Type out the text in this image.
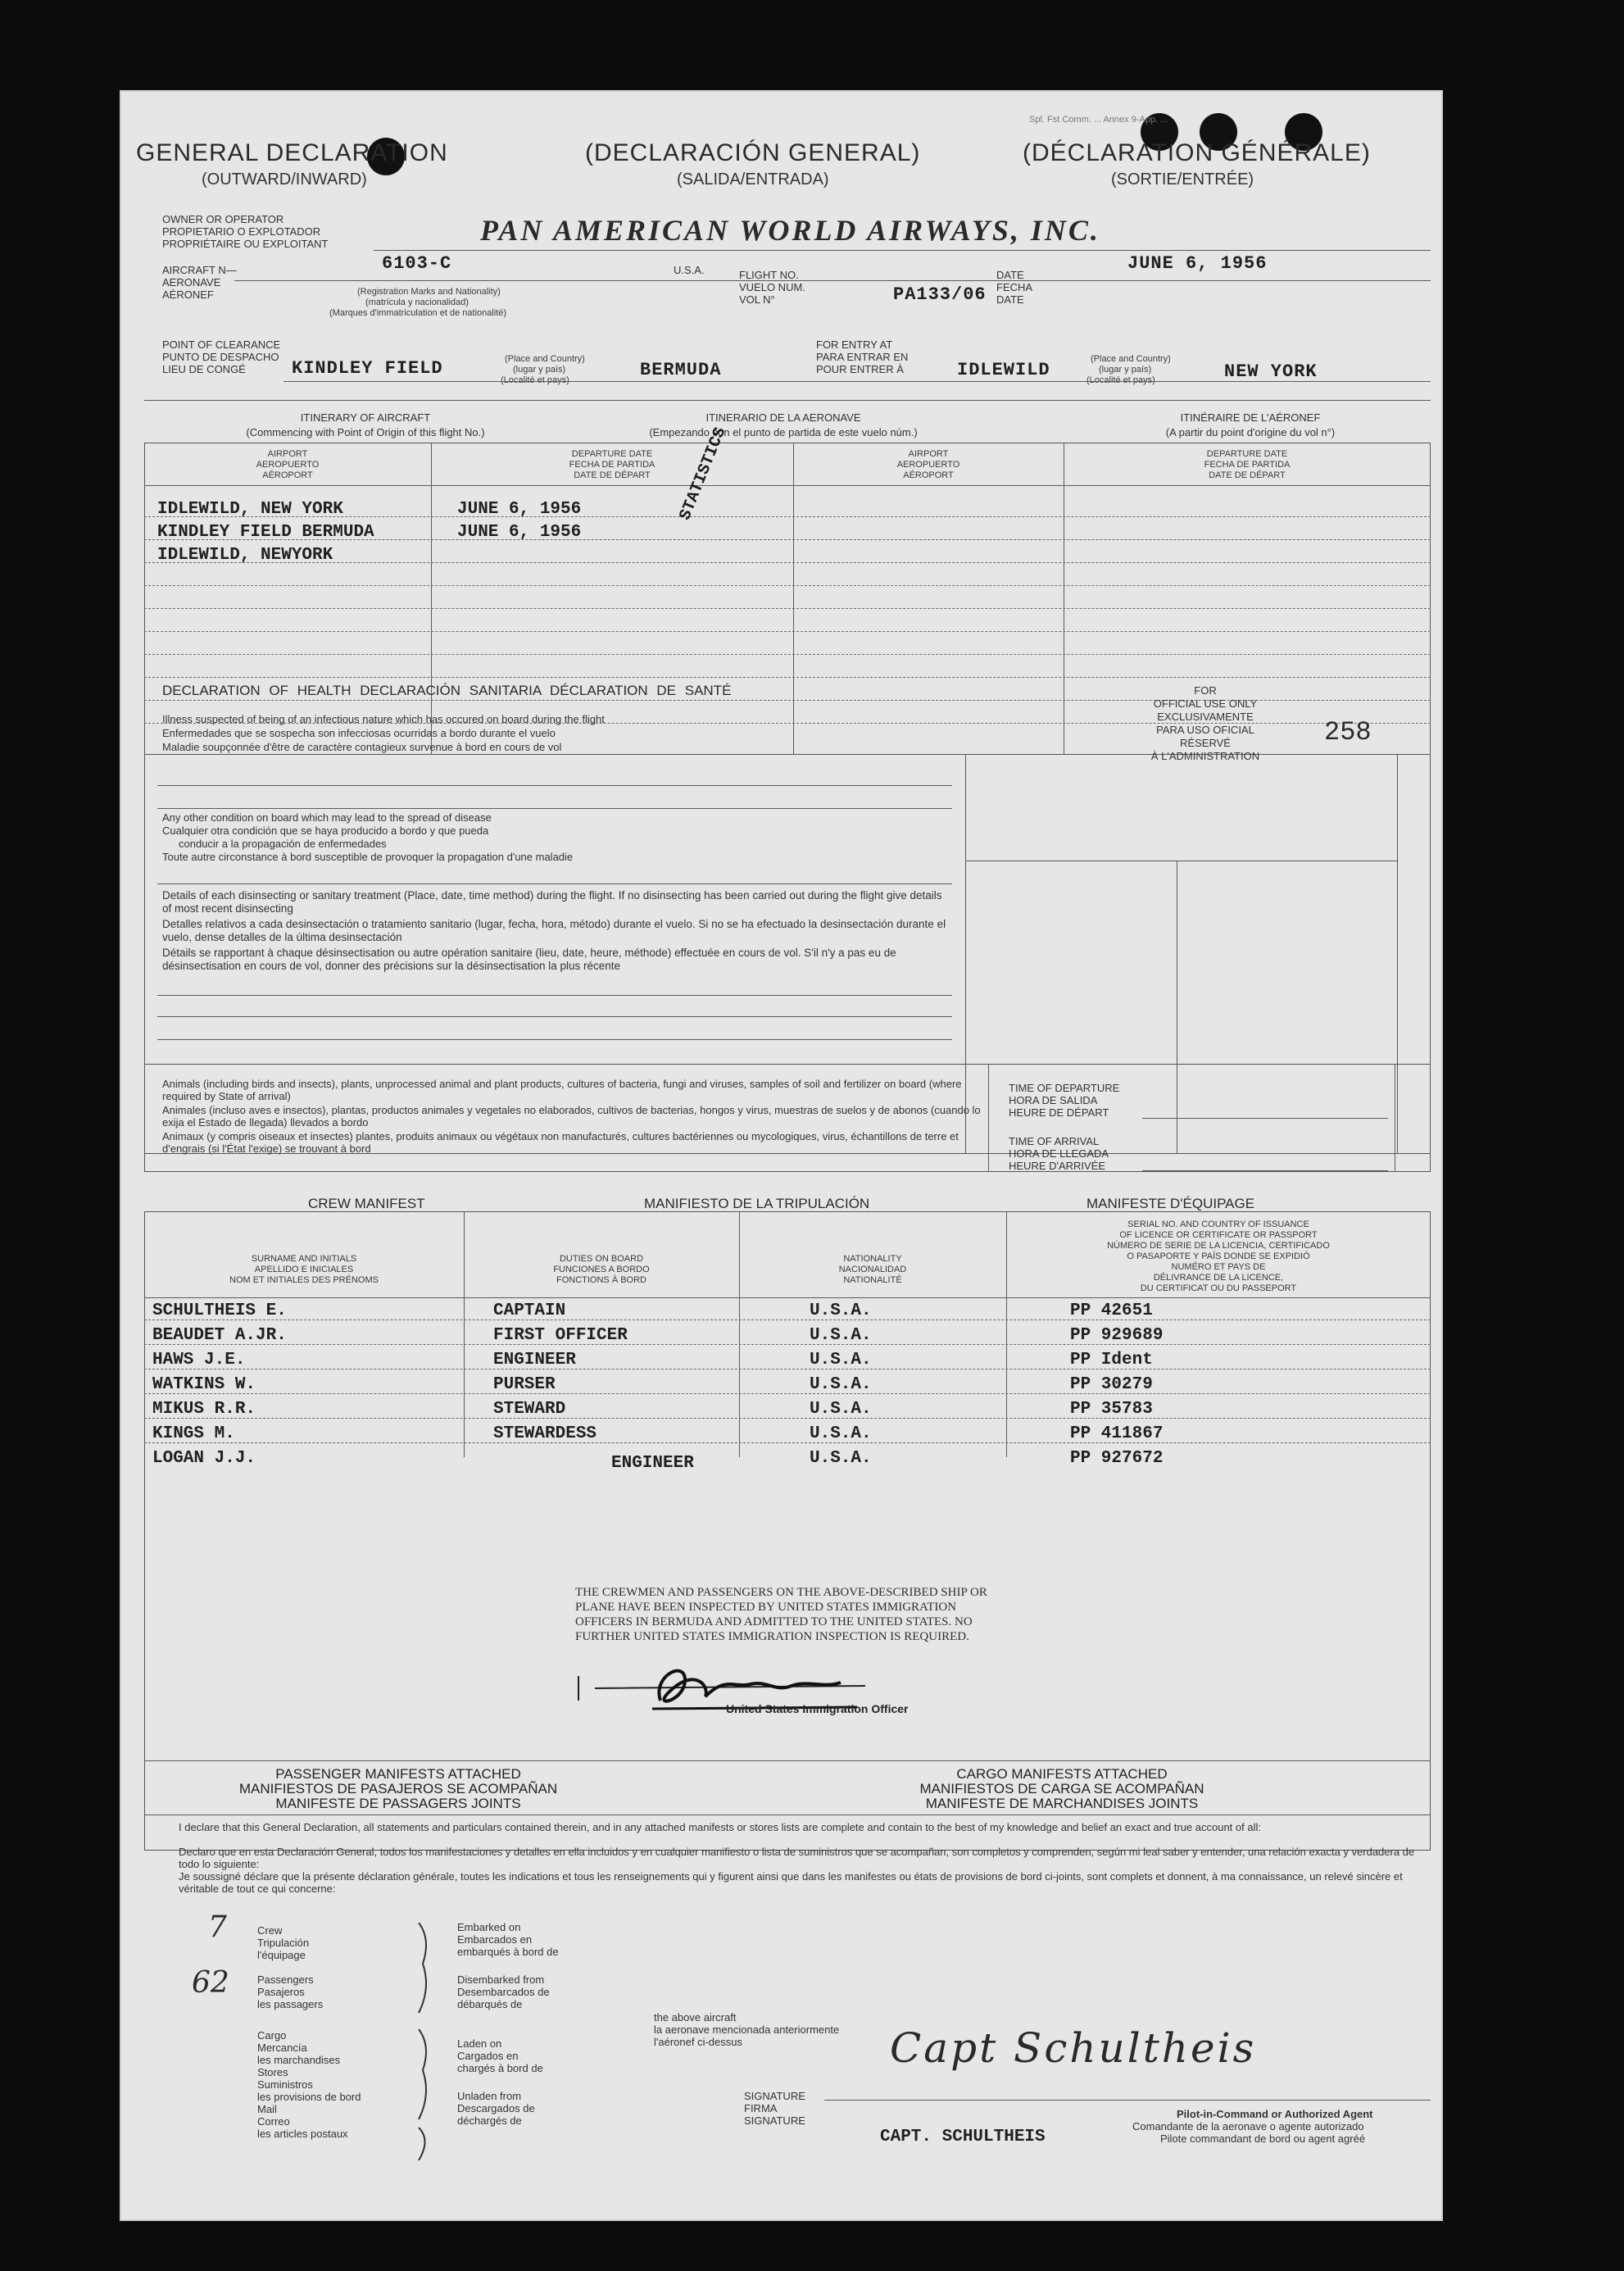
Spl. Fst Comm. ... Annex 9-App. ...
GENERAL DECLARATION
(OUTWARD/INWARD)
(DECLARACIÓN GENERAL)
(SALIDA/ENTRADA)
(DÉCLARATION GÉNÉRALE)
(SORTIE/ENTRÉE)
OWNER OR OPERATOR
PROPIETARIO O EXPLOTADOR
PROPRIÉTAIRE OU EXPLOITANT	PAN AMERICAN WORLD AIRWAYS, INC.
AIRCRAFT N—
AERONAVE
AÉRONEF
6103-C
(Registration Marks and Nationality)
(matrícula y nacionalidad)
(Marques d'immatriculation et de nationalité)
U.S.A.	FLIGHT NO.
VUELO NUM.
VOL N°	PA133/06
DATE
FECHA
DATE
JUNE 6, 1956
POINT OF CLEARANCE
PUNTO DE DESPACHO
LIEU DE CONGÉ	KINDLEY FIELD	(Place and Country)
(lugar y país)
(Localité et pays)	BERMUDA
FOR ENTRY AT
PARA ENTRAR EN
POUR ENTRER À	IDLEWILD
(Place and Country)
(lugar y país)
(Localité et pays)	NEW YORK
ITINERARY OF AIRCRAFT
(Commencing with Point of Origin of this flight No.)
ITINERARIO DE LA AERONAVE
(Empezando con el punto de partida de este vuelo núm.)
ITINÉRAIRE DE L'AÉRONEF
(A partir du point d'origine du vol n°)
AIRPORT
AEROPUERTO
AÉROPORT
DEPARTURE DATE
FECHA DE PARTIDA
DATE DE DÉPART
AIRPORT
AEROPUERTO
AÉROPORT
DEPARTURE DATE
FECHA DE PARTIDA
DATE DE DÉPART
IDLEWILD, NEW YORK	JUNE 6, 1956
KINDLEY FIELD BERMUDA	JUNE 6, 1956
IDLEWILD, NEWYORK
STATISTICS
DECLARATION OF HEALTH DECLARACIÓN SANITARIA DÉCLARATION DE SANTÉ
Illness suspected of being of an infectious nature which has occured on board during the flight
Enfermedades que se sospecha son infecciosas ocurridas a bordo durante el vuelo
Maladie soupçonnée d'être de caractère contagieux survenue à bord en cours de vol
Any other condition on board which may lead to the spread of disease
Cualquier otra condición que se haya producido a bordo y que pueda
conducir a la propagación de enfermedades
Toute autre circonstance à bord susceptible de provoquer la propagation d'une maladie
Details of each disinsecting or sanitary treatment (Place, date, time method) during the flight. If no disinsecting has been carried out during the flight give details of most recent disinsecting
Detalles relativos a cada desinsectación o tratamiento sanitario (lugar, fecha, hora, método) durante el vuelo. Si no se ha efectuado la desinsectación durante el vuelo, dense detalles de la última desinsectación
Détails se rapportant à chaque désinsectisation ou autre opération sanitaire (lieu, date, heure, méthode) effectuée en cours de vol. S'il n'y a pas eu de désinsectisation en cours de vol, donner des précisions sur la désinsectisation la plus récente
FOR
OFFICIAL USE ONLY
EXCLUSIVAMENTE
PARA USO OFICIAL
RÉSERVÉ
À L'ADMINISTRATION
258
Animals (including birds and insects), plants, unprocessed animal and plant products, cultures of bacteria, fungi and viruses, samples of soil and fertilizer on board (where required by State of arrival)
Animales (incluso aves e insectos), plantas, productos animales y vegetales no elaborados, cultivos de bacterias, hongos y virus, muestras de suelos y de abonos (cuando lo exija el Estado de llegada) llevados a bordo
Animaux (y compris oiseaux et insectes) plantes, produits animaux ou végétaux non manufacturés, cultures bactériennes ou mycologiques, virus, échantillons de terre et d'engrais (si l'État l'exige) se trouvant à bord
TIME OF DEPARTURE
HORA DE SALIDA
HEURE DE DÉPART
TIME OF ARRIVAL
HORA DE LLEGADA
HEURE D'ARRIVÉE
CREW MANIFEST	MANIFIESTO DE LA TRIPULACIÓN	MANIFESTE D'ÉQUIPAGE
SURNAME AND INITIALS
APELLIDO E INICIALES
NOM ET INITIALES DES PRÉNOMS
DUTIES ON BOARD
FUNCIONES A BORDO
FONCTIONS À BORD
NATIONALITY
NACIONALIDAD
NATIONALITÉ
SERIAL NO. AND COUNTRY OF ISSUANCE
OF LICENCE OR CERTIFICATE OR PASSPORT
NÚMERO DE SERIE DE LA LICENCIA, CERTIFICADO
O PASAPORTE Y PAÍS DONDE SE EXPIDIÓ
NUMÉRO ET PAYS DE
DÉLIVRANCE DE LA LICENCE,
DU CERTIFICAT OU DU PASSEPORT
SCHULTHEIS E.	CAPTAIN	U.S.A.	PP 42651
BEAUDET A.JR.	FIRST OFFICER	U.S.A.	PP 929689
HAWS J.E.	ENGINEER	U.S.A.	PP Ident
WATKINS W.	PURSER	U.S.A.	PP 30279
MIKUS R.R.	STEWARD	U.S.A.	PP 35783
KINGS M.	STEWARDESS	U.S.A.	PP 411867
LOGAN J.J.	ENGINEER	U.S.A.	PP 927672
THE CREWMEN AND PASSENGERS ON THE ABOVE-DESCRIBED SHIP OR
PLANE HAVE BEEN INSPECTED BY UNITED STATES IMMIGRATION
OFFICERS IN BERMUDA AND ADMITTED TO THE UNITED STATES. NO
FURTHER UNITED STATES IMMIGRATION INSPECTION IS REQUIRED.
United States Immigration Officer
PASSENGER MANIFESTS ATTACHED
MANIFIESTOS DE PASAJEROS SE ACOMPAÑAN
MANIFESTE DE PASSAGERS JOINTS
CARGO MANIFESTS ATTACHED
MANIFIESTOS DE CARGA SE ACOMPAÑAN
MANIFESTE DE MARCHANDISES JOINTS
I declare that this General Declaration, all statements and particulars contained therein, and in any attached manifests or stores lists are complete and contain to the best of my knowledge and belief an exact and true account of all:
Declaro que en esta Declaración General, todos los manifestaciones y detalles en ella incluidos y en cualquier manifiesto o lista de suministros que se acompañan, son completos y comprenden, según mi leal saber y entender, una relación exacta y verdadera de todo lo siguiente:
Je soussigné déclare que la présente déclaration générale, toutes les indications et tous les renseignements qui y figurent ainsi que dans les manifestes ou états de provisions de bord ci-joints, sont complets et donnent, à ma connaissance, un relevé sincère et véritable de tout ce qui concerne:
7
62
Crew
Tripulación
l'équipage
Passengers
Pasajeros
les passagers
Cargo
Mercancía
les marchandises
Stores
Suministros
les provisions de bord
Mail
Correo
les articles postaux
Embarked on
Embarcados en
embarqués à bord de
Disembarked from
Desembarcados de
débarqués de
Laden on
Cargados en
chargés à bord de
Unladen from
Descargados de
déchargés de
the above aircraft
la aeronave mencionada anteriormente
l'aéronef ci-dessus	Capt Schultheis
SIGNATURE
FIRMA
SIGNATURE
CAPT. SCHULTHEIS
Pilot-in-Command or Authorized Agent
Comandante de la aeronave o agente autorizado
Pilote commandant de bord ou agent agréé
